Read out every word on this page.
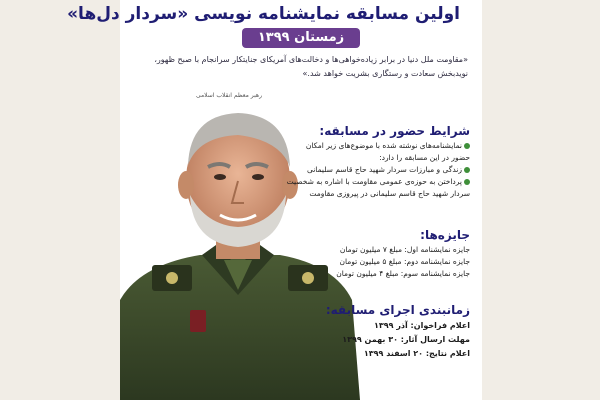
اولین مسابقه نمایشنامه نویسی «سردار دل‌ها»
زمستان ۱۳۹۹
«مقاومت ملل دنیا در برابر زیاده‌خواهی‌ها و دخالت‌های آمریکای جنایتکار سرانجام با صبح ظهور، نوید‌بخش سعادت و رستگاری بشریت خواهد شد.»
رهبر معظم انقلاب اسلامی
شرایط حضور در مسابقه:
نمایشنامه‌های نوشته شده با موضوع‌های زیر امکان
حضور در این مسابقه را دارد:
زندگی و مبارزات سردار شهید حاج قاسم سلیمانی
پرداختن به حوزه‌ی عمومی مقاومت با اشاره به شخصیت
سردار شهید حاج قاسم سلیمانی در پیروزی مقاومت
جایزه‌ها:
جایزه نمایشنامه اول: مبلغ ۷ میلیون تومان
جایزه نمایشنامه دوم: مبلغ ۵ میلیون تومان
جایزه نمایشنامه سوم: مبلغ ۴ میلیون تومان
زمانبندی اجرای مسابقه:
اعلام فراخوان: آذر ۱۳۹۹
مهلت ارسال آثار: ۳۰ بهمن ۱۳۹۹
اعلام نتایج: ۲۰ اسفند ۱۳۹۹
